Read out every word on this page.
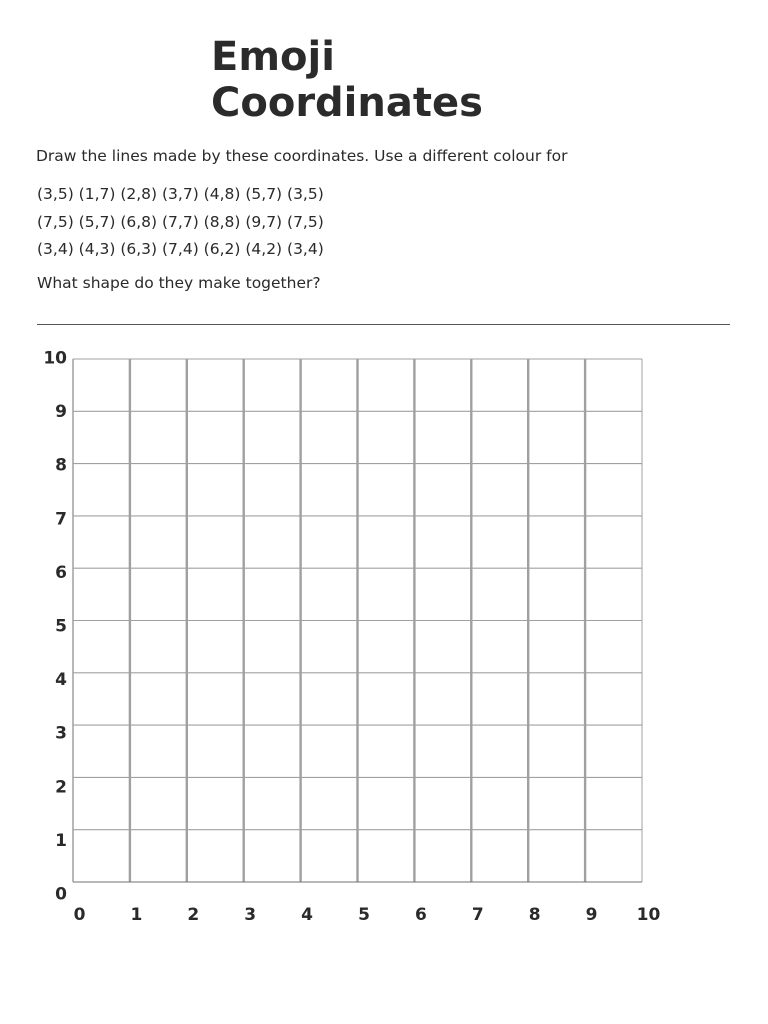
Emoji
Coordinates
Draw the lines made by these coordinates. Use a different colour for
(3,5) (1,7) (2,8) (3,7) (4,8) (5,7) (3,5)
(7,5) (5,7) (6,8) (7,7) (8,8) (9,7) (7,5)
(3,4) (4,3) (6,3) (7,4) (6,2) (4,2) (3,4)
What shape do they make together?
0	1	2	3	4	5	6	7	8	9 10
0
1
2
3
4
5
6
7
8
9
10
